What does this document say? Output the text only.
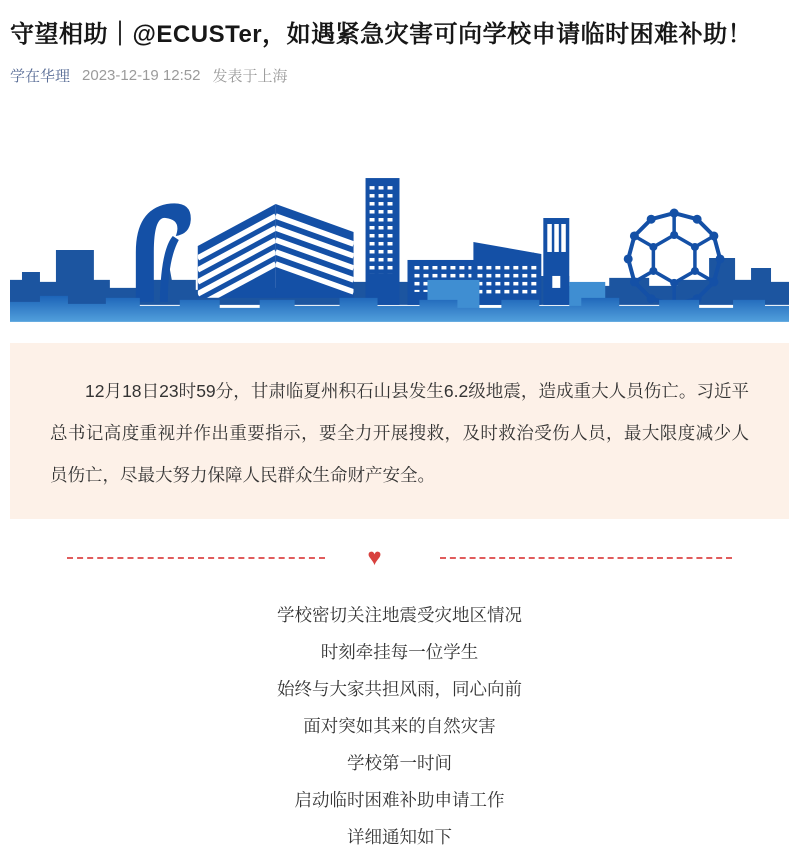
守望相助｜@ECUSTer，如遇紧急灾害可向学校申请临时困难补助！
学在华理 2023-12-19 12:52 发表于上海

12月18日23时59分，甘肃临夏州积石山县发生6.2级地震，造成重大人员伤亡。习近平总书记高度重视并作出重要指示，要全力开展搜救，及时救治受伤人员，最大限度减少人员伤亡，尽最大努力保障人民群众生命财产安全。

♥

学校密切关注地震受灾地区情况

时刻牵挂每一位学生

始终与大家共担风雨，同心向前

面对突如其来的自然灾害

学校第一时间

启动临时困难补助申请工作

详细通知如下
